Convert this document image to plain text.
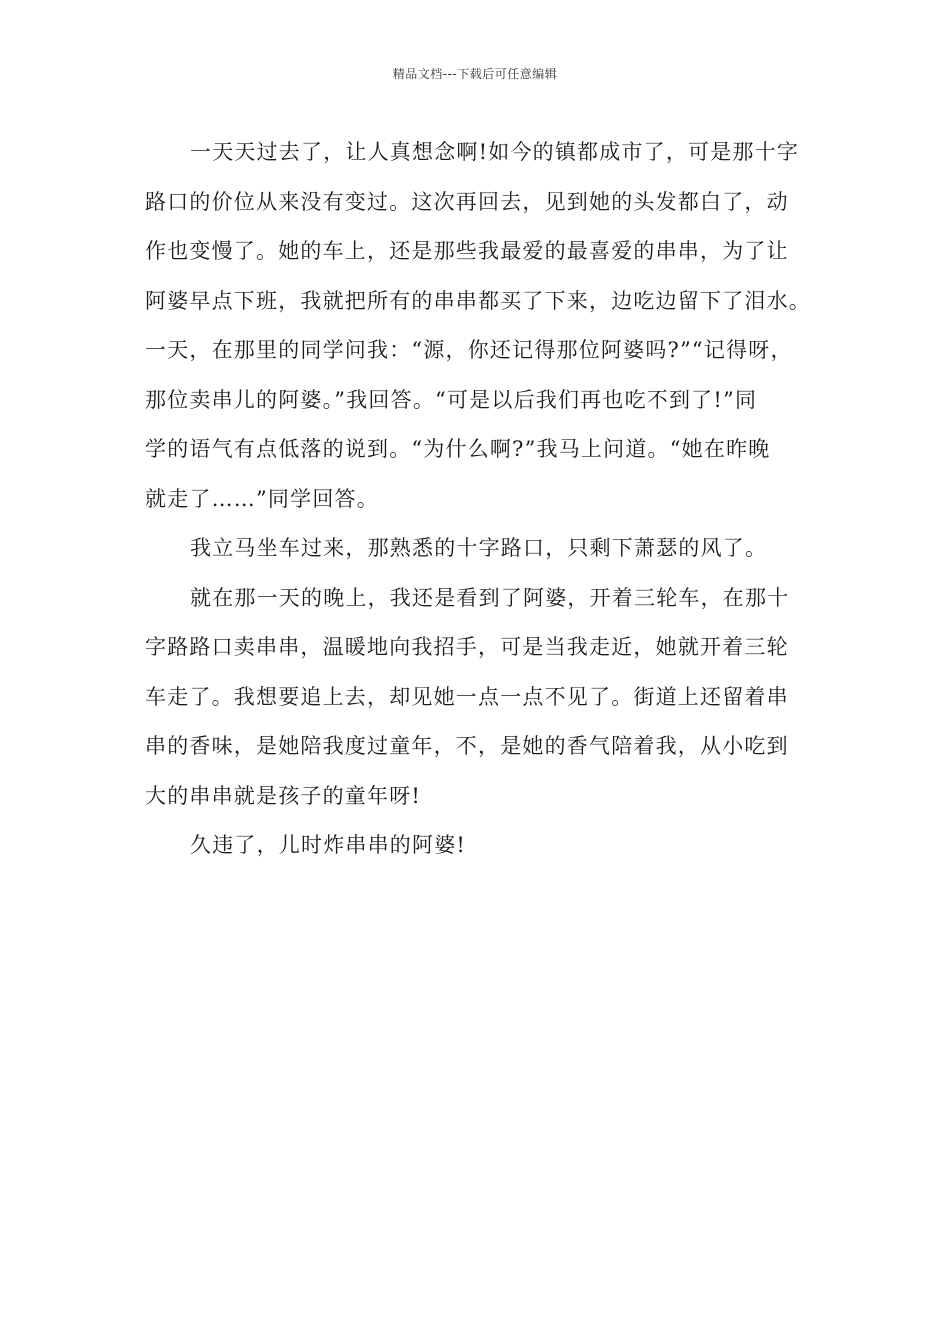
精品文档---下载后可任意编辑
一天天过去了，让人真想念啊!如今的镇都成市了，可是那十字
路口的价位从来没有变过。这次再回去，见到她的头发都白了，动
作也变慢了。她的车上，还是那些我最爱的最喜爱的串串，为了让
阿婆早点下班，我就把所有的串串都买了下来，边吃边留下了泪水。
一天，在那里的同学问我：“源，你还记得那位阿婆吗?”“记得呀，
那位卖串儿的阿婆。”我回答。“可是以后我们再也吃不到了!”同
学的语气有点低落的说到。“为什么啊?”我马上问道。“她在昨晚
就走了……”同学回答。
我立马坐车过来，那熟悉的十字路口，只剩下萧瑟的风了。
就在那一天的晚上，我还是看到了阿婆，开着三轮车，在那十
字路路口卖串串，温暖地向我招手，可是当我走近，她就开着三轮
车走了。我想要追上去，却见她一点一点不见了。街道上还留着串
串的香味，是她陪我度过童年，不，是她的香气陪着我，从小吃到
大的串串就是孩子的童年呀!
久违了，儿时炸串串的阿婆!
